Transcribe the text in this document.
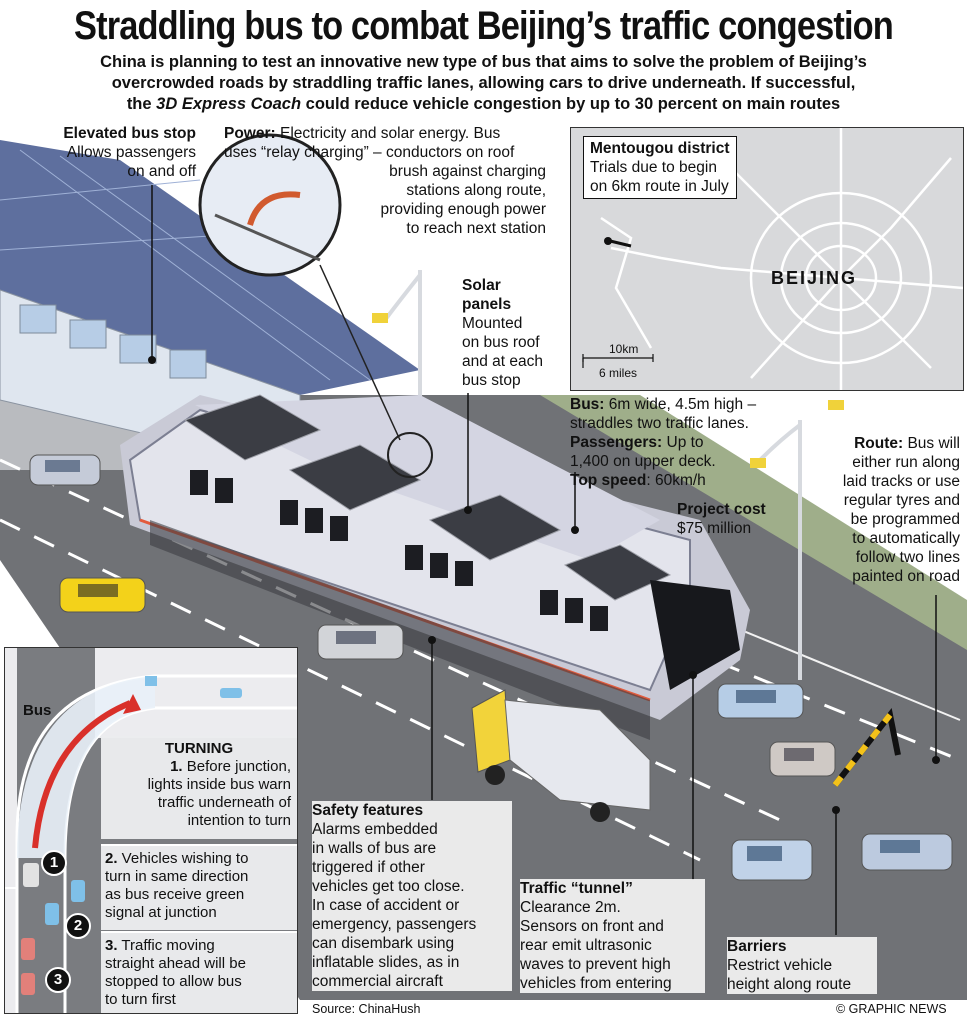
Straddling bus to combat Beijing’s traffic congestion
China is planning to test an innovative new type of bus that aims to solve the problem of Beijing’s
overcrowded roads by straddling traffic lanes, allowing cars to drive underneath. If successful,
the 3D Express Coach could reduce vehicle congestion by up to 30 percent on main routes
Elevated bus stop
Allows passengers
on and off
Power: Electricity and solar energy. Bus
uses “relay charging” – conductors on roof
brush against charging
stations along route,
providing enough power
to reach next station
Solar
panels
Mounted
on bus roof
and at each
bus stop
Mentougou district
Trials due to begin
on 6km route in July
BEIJING
10km
6 miles
Bus: 6m wide, 4.5m high –
straddles two traffic lanes.
Passengers: Up to
1,400 on upper deck.
Top speed: 60km/h
Project cost
$75 million
Route: Bus will
either run along
laid tracks or use
regular tyres and
be programmed
to automatically
follow two lines
painted on road
Safety features
Alarms embedded
in walls of bus are
triggered if other
vehicles get too close.
In case of accident or
emergency, passengers
can disembark using
inflatable slides, as in
commercial aircraft
Traffic “tunnel”
Clearance 2m.
Sensors on front and
rear emit ultrasonic
waves to prevent high
vehicles from entering
Barriers
Restrict vehicle
height along route
Bus
TURNING
1. Before junction,
lights inside bus warn
traffic underneath of
intention to turn
2. Vehicles wishing to
turn in same direction
as bus receive green
signal at junction
3. Traffic moving
straight ahead will be
stopped to allow bus
to turn first
1
2
3
Source: ChinaHush	© GRAPHIC NEWS
